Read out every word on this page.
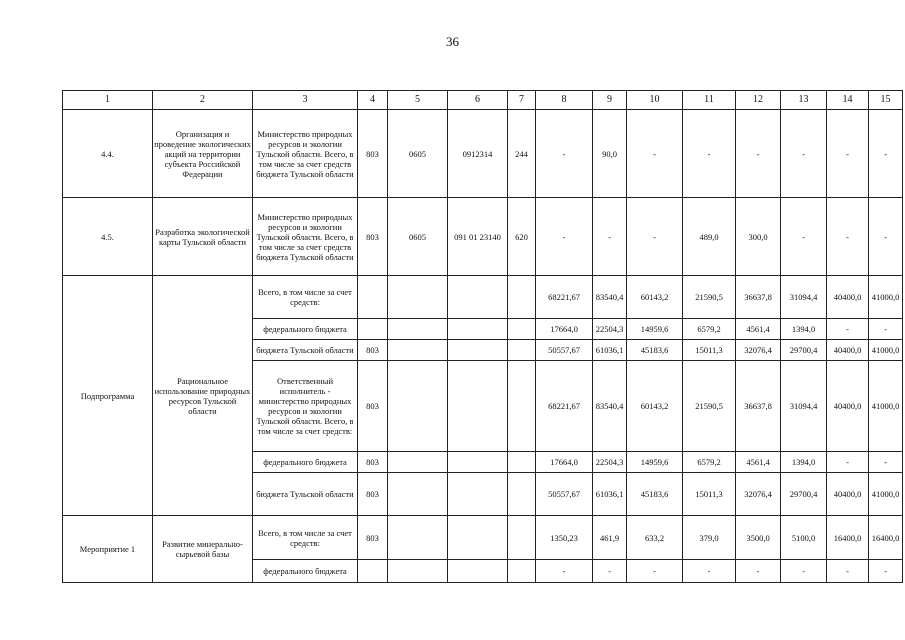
36
1	2	3	4	5	6	7	8	9	10	11	12	13	14	15
4.4.	Организация и проведение экологических акций на территории субъекта Российской Федерации	Министерство природных ресурсов и экологии Тульской области. Всего, в том числе за счет средств бюджета Тульской области	803	0605	0912314	244	-	90,0	-	-	-	-	-	-
4.5.	Разработка экологической карты Тульской области	Министерство природных ресурсов и экологии Тульской области. Всего, в том числе за счет средств бюджета Тульской области	803	0605	091 01 23140	620	-	-	-	489,0	300,0	-	-	-
Подпрограмма	Рациональное использование природных ресурсов Тульской области	Всего, в том числе за счет средств:					68221,67	83540,4	60143,2	21590,5	36637,8	31094,4	40400,0	41000,0
		федерального бюджета					17664,0	22504,3	14959,6	6579,2	4561,4	1394,0	-	-
		бюджета Тульской области	803				50557,67	61036,1	45183,6	15011,3	32076,4	29700,4	40400,0	41000,0
		Ответственный исполнитель - министерство природных ресурсов и экологии Тульской области. Всего, в том числе за счет средств:	803				68221,67	83540,4	60143,2	21590,5	36637,8	31094,4	40400,0	41000,0
		федерального бюджета	803				17664,0	22504,3	14959,6	6579,2	4561,4	1394,0	-	-
		бюджета Тульской области	803				50557,67	61036,1	45183,6	15011,3	32076,4	29700,4	40400,0	41000,0
Мероприятие 1	Развитие минерально-сырьевой базы	Всего, в том числе за счет средств:	803				1350,23	461,9	633,2	379,0	3500,0	5100,0	16400,0	16400,0
		федерального бюджета					-	-	-	-	-	-	-	-
